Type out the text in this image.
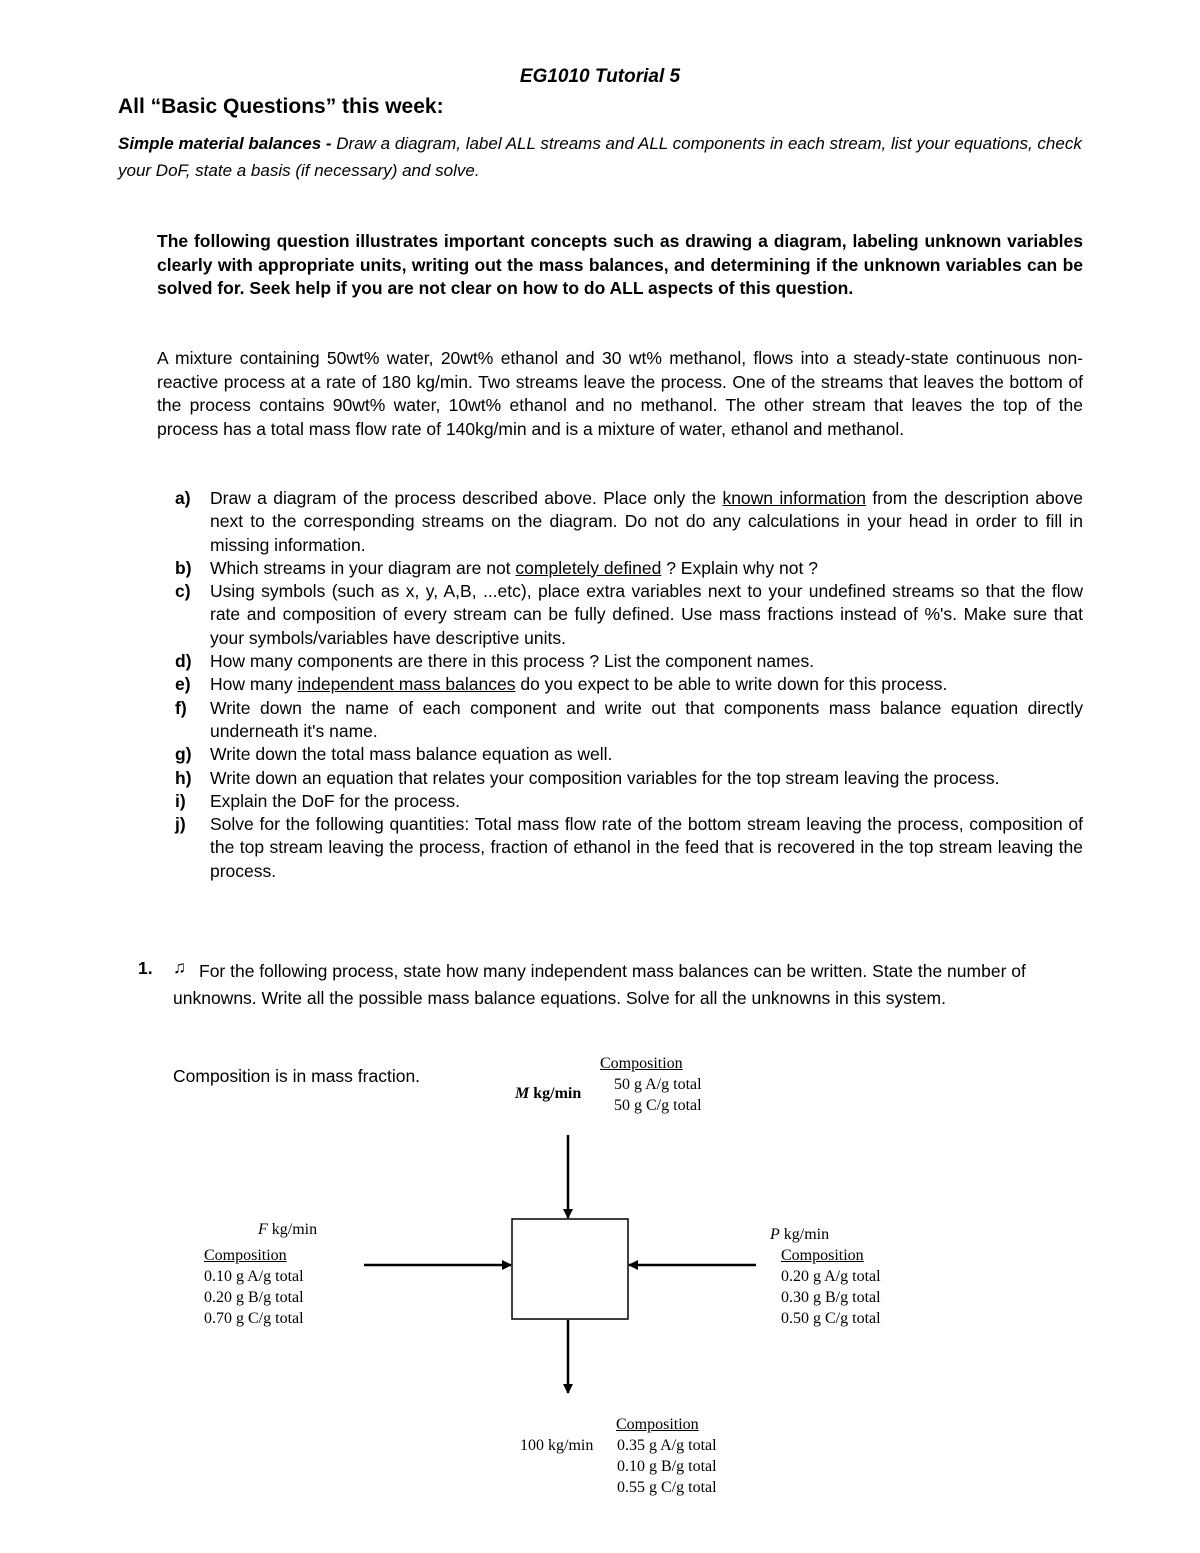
EG1010 Tutorial 5
All “Basic Questions” this week:
Simple material balances - Draw a diagram, label ALL streams and ALL components in each stream, list your equations, check your DoF, state a basis (if necessary) and solve.
The following question illustrates important concepts such as drawing a diagram, labeling unknown variables clearly with appropriate units, writing out the mass balances, and determining if the unknown variables can be solved for. Seek help if you are not clear on how to do ALL aspects of this question.
A mixture containing 50wt% water, 20wt% ethanol and 30 wt% methanol, flows into a steady-state continuous non-reactive process at a rate of 180 kg/min. Two streams leave the process. One of the streams that leaves the bottom of the process contains 90wt% water, 10wt% ethanol and no methanol. The other stream that leaves the top of the process has a total mass flow rate of 140kg/min and is a mixture of water, ethanol and methanol.
a) Draw a diagram of the process described above. Place only the known information from the description above next to the corresponding streams on the diagram. Do not do any calculations in your head in order to fill in missing information.
b) Which streams in your diagram are not completely defined ? Explain why not ?
c) Using symbols (such as x, y, A,B, ...etc), place extra variables next to your undefined streams so that the flow rate and composition of every stream can be fully defined. Use mass fractions instead of %'s. Make sure that your symbols/variables have descriptive units.
d) How many components are there in this process ? List the component names.
e) How many independent mass balances do you expect to be able to write down for this process.
f) Write down the name of each component and write out that components mass balance equation directly underneath it's name.
g) Write down the total mass balance equation as well.
h) Write down an equation that relates your composition variables for the top stream leaving the process.
i) Explain the DoF for the process.
j) Solve for the following quantities: Total mass flow rate of the bottom stream leaving the process, composition of the top stream leaving the process, fraction of ethanol in the feed that is recovered in the top stream leaving the process.
1. ♫ For the following process, state how many independent mass balances can be written. State the number of unknowns. Write all the possible mass balance equations. Solve for all the unknowns in this system.
Composition is in mass fraction.
Composition
M kg/min
50 g A/g total
50 g C/g total
F kg/min
Composition
0.10 g A/g total
0.20 g B/g total
0.70 g C/g total
P kg/min
Composition
0.20 g A/g total
0.30 g B/g total
0.50 g C/g total
Composition
100 kg/min 0.35 g A/g total
0.10 g B/g total
0.55 g C/g total
